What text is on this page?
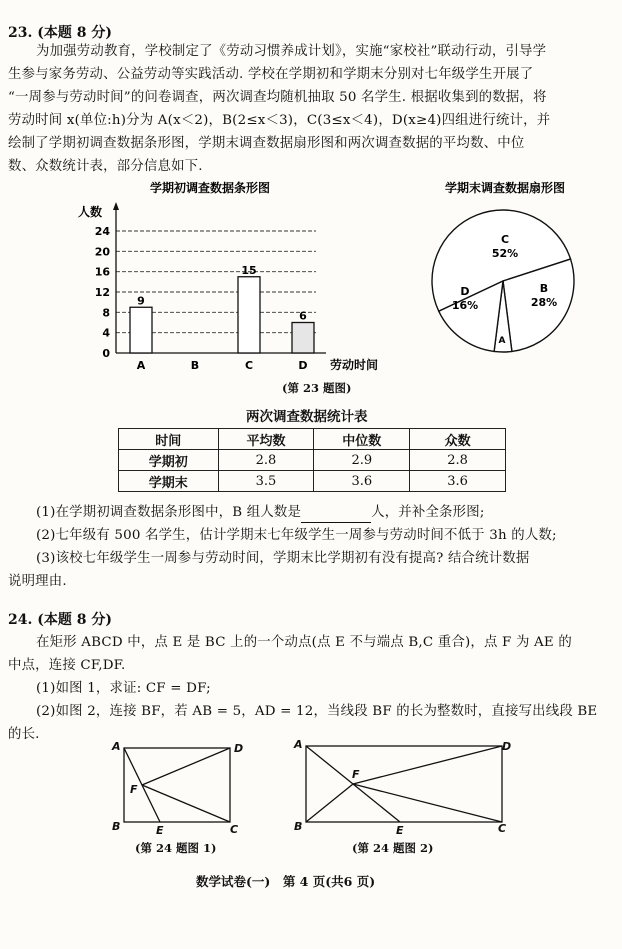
23. (本题 8 分)
为加强劳动教育，学校制定了《劳动习惯养成计划》，实施“家校社”联动行动，引导学
生参与家务劳动、公益劳动等实践活动. 学校在学期初和学期末分别对七年级学生开展了
“一周参与劳动时间”的问卷调查，两次调查均随机抽取 50 名学生. 根据收集到的数据，将
劳动时间 x(单位:h)分为 A(x＜2)，B(2≤x＜3)，C(3≤x＜4)，D(x≥4)四组进行统计，并
绘制了学期初调查数据条形图，学期末调查数据扇形图和两次调查数据的平均数、中位
数、众数统计表，部分信息如下.
0
4
8
12
16
20
24
A	B	C	D
9
15
6
学期初调查数据条形图
人数
劳动时间
学期末调查数据扇形图
C
52%
B
28%
A
D
16%
(第 23 题图)
两次调查数据统计表
时间	平均数	中位数	众数
学期初	2.8	2.9	2.8
学期末	3.5	3.6	3.6
(1)在学期初调查数据条形图中，B 组人数是	人，并补全条形图;
(2)七年级有 500 名学生，估计学期末七年级学生一周参与劳动时间不低于 3h 的人数;
(3)该校七年级学生一周参与劳动时间，学期末比学期初有没有提高? 结合统计数据
说明理由.
24. (本题 8 分)
在矩形 ABCD 中，点 E 是 BC 上的一个动点(点 E 不与端点 B,C 重合)，点 F 为 AE 的
中点，连接 CF,DF.
(1)如图 1，求证: CF = DF;
(2)如图 2，连接 BF，若 AB = 5，AD = 12，当线段 BF 的长为整数时，直接写出线段 BE
的长.
A	D
B	C
E
F
(第 24 题图 1)
A	D
B	C
E
F
(第 24 题图 2)
数学试卷(一)　第 4 页(共6 页)
